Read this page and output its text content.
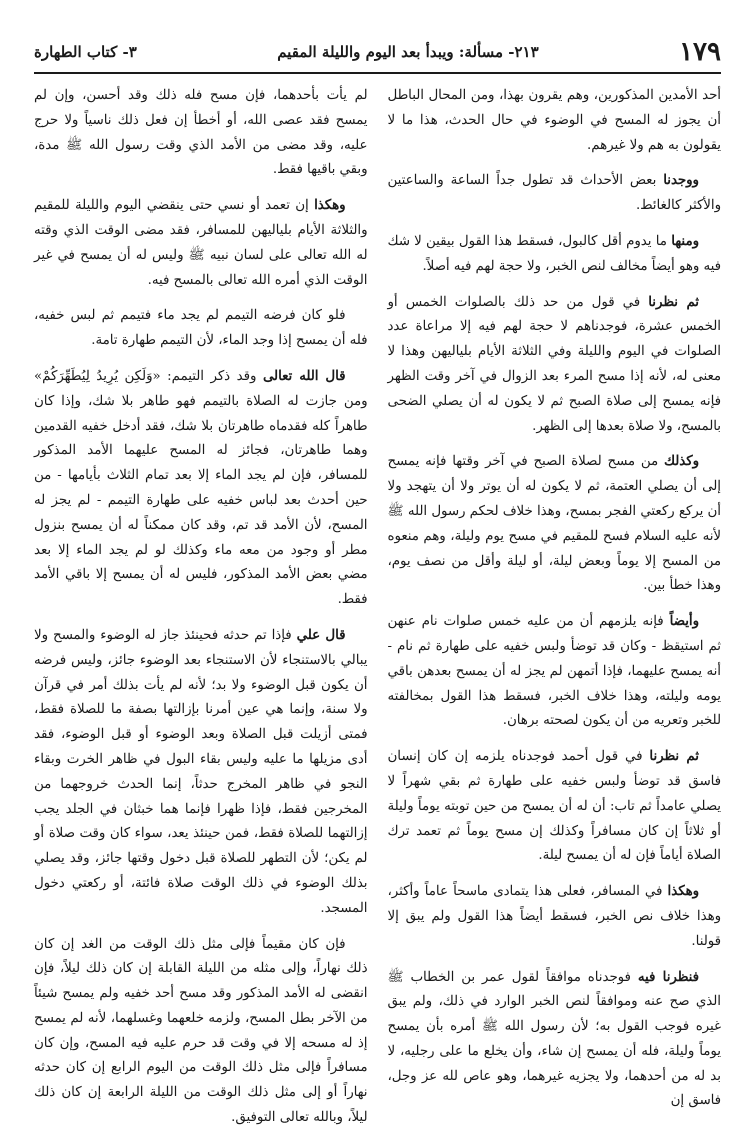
١٧٩
٢١٣- مسألة: ويبدأ بعد اليوم والليلة المقيم
٣- كتاب الطهارة

أحد الأمدين المذكورين، وهم يقرون بهذا، ومن المحال الباطل أن يجوز له المسح في الوضوء في حال الحدث، هذا ما لا يقولون به هم ولا غيرهم.

ووجدنا بعض الأحداث قد تطول جداً الساعة والساعتين والأكثر كالغائط.

ومنها ما يدوم أقل كالبول، فسقط هذا القول بيقين لا شك فيه وهو أيضاً مخالف لنص الخبر، ولا حجة لهم فيه أصلاً.

ثم نظرنا في قول من حد ذلك بالصلوات الخمس أو الخمس عشرة، فوجدناهم لا حجة لهم فيه إلا مراعاة عدد الصلوات في اليوم والليلة وفي الثلاثة الأيام بلياليهن وهذا لا معنى له، لأنه إذا مسح المرء بعد الزوال في آخر وقت الظهر فإنه يمسح إلى صلاة الصبح ثم لا يكون له أن يصلي الضحى بالمسح، ولا صلاة بعدها إلى الظهر.

وكذلك من مسح لصلاة الصبح في آخر وقتها فإنه يمسح إلى أن يصلي العتمة، ثم لا يكون له أن يوتر ولا أن يتهجد ولا أن يركع ركعتي الفجر بمسح، وهذا خلاف لحكم رسول الله ﷺ لأنه عليه السلام فسح للمقيم في مسح يوم وليلة، وهم منعوه من المسح إلا يوماً وبعض ليلة، أو ليلة وأقل من نصف يوم، وهذا خطأ بين.

وأيضاً فإنه يلزمهم أن من عليه خمس صلوات نام عنهن ثم استيقظ - وكان قد توضأ ولبس خفيه على طهارة ثم نام - أنه يمسح عليهما، فإذا أتمهن لم يجز له أن يمسح بعدهن باقي يومه وليلته، وهذا خلاف الخبر، فسقط هذا القول بمخالفته للخبر وتعريه من أن يكون لصحته برهان.

ثم نظرنا في قول أحمد فوجدناه يلزمه إن كان إنسان فاسق قد توضأ ولبس خفيه على طهارة ثم بقي شهراً لا يصلي عامداً ثم تاب: أن له أن يمسح من حين توبته يوماً وليلة أو ثلاثاً إن كان مسافراً وكذلك إن مسح يوماً ثم تعمد ترك الصلاة أياماً فإن له أن يمسح ليلة.

وهكذا في المسافر، فعلى هذا يتمادى ماسحاً عاماً وأكثر، وهذا خلاف نص الخبر، فسقط أيضاً هذا القول ولم يبق إلا قولنا.

فنظرنا فيه فوجدناه موافقاً لقول عمر بن الخطاب ﷺ الذي صح عنه وموافقاً لنص الخبر الوارد في ذلك، ولم يبق غيره فوجب القول به؛ لأن رسول الله ﷺ أمره بأن يمسح يوماً وليلة، فله أن يمسح إن شاء، وأن يخلع ما على رجليه، لا بد له من أحدهما، ولا يجزيه غيرهما، وهو عاص لله عز وجل، فاسق إن

لم يأت بأحدهما، فإن مسح فله ذلك وقد أحسن، وإن لم يمسح فقد عصى الله، أو أخطأ إن فعل ذلك ناسياً ولا حرج عليه، وقد مضى من الأمد الذي وقت رسول الله ﷺ مدة، وبقي باقيها فقط.

وهكذا إن تعمد أو نسي حتى ينقضي اليوم والليلة للمقيم والثلاثة الأيام بلياليهن للمسافر، فقد مضى الوقت الذي وقته له الله تعالى على لسان نبيه ﷺ وليس له أن يمسح في غير الوقت الذي أمره الله تعالى بالمسح فيه.

فلو كان فرضه التيمم لم يجد ماء فتيمم ثم لبس خفيه، فله أن يمسح إذا وجد الماء، لأن التيمم طهارة تامة.

قال الله تعالى وقد ذكر التيمم: «وَلَكِن يُرِيدُ لِيُطَهِّرَكُمْ» ومن جازت له الصلاة بالتيمم فهو طاهر بلا شك، وإذا كان طاهراً كله فقدماه طاهرتان بلا شك، فقد أدخل خفيه القدمين وهما طاهرتان، فجائز له المسح عليهما الأمد المذكور للمسافر، فإن لم يجد الماء إلا بعد تمام الثلاث بأيامها - من حين أحدث بعد لباس خفيه على طهارة التيمم - لم يجز له المسح، لأن الأمد قد تم، وقد كان ممكناً له أن يمسح بنزول مطر أو وجود من معه ماء وكذلك لو لم يجد الماء إلا بعد مضي بعض الأمد المذكور، فليس له أن يمسح إلا باقي الأمد فقط.

قال علي فإذا تم حدثه فحينئذ جاز له الوضوء والمسح ولا يبالي بالاستنجاء لأن الاستنجاء بعد الوضوء جائز، وليس فرضه أن يكون قبل الوضوء ولا بد؛ لأنه لم يأت بذلك أمر في قرآن ولا سنة، وإنما هي عين أمرنا بإزالتها بصفة ما للصلاة فقط، فمتى أزيلت قبل الصلاة وبعد الوضوء أو قبل الوضوء، فقد أدى مزيلها ما عليه وليس بقاء البول في ظاهر الخرت وبقاء النجو في ظاهر المخرج حدثاً، إنما الحدث خروجهما من المخرجين فقط، فإذا ظهرا فإنما هما خبثان في الجلد يجب إزالتهما للصلاة فقط، فمن حينئذ يعد، سواء كان وقت صلاة أو لم يكن؛ لأن التطهر للصلاة قبل دخول وقتها جائز، وقد يصلي بذلك الوضوء في ذلك الوقت صلاة فائتة، أو ركعتي دخول المسجد.

فإن كان مقيماً فإلى مثل ذلك الوقت من الغد إن كان ذلك نهاراً، وإلى مثله من الليلة القابلة إن كان ذلك ليلاً، فإن انقضى له الأمد المذكور وقد مسح أحد خفيه ولم يمسح شيئاً من الآخر بطل المسح، ولزمه خلعهما وغسلهما، لأنه لم يمسح إذ له مسحه إلا في وقت قد حرم عليه فيه المسح، وإن كان مسافراً فإلى مثل ذلك الوقت من اليوم الرابع إن كان حدثه نهاراً أو إلى مثل ذلك الوقت من الليلة الرابعة إن كان ذلك ليلاً، وبالله تعالى التوفيق.
